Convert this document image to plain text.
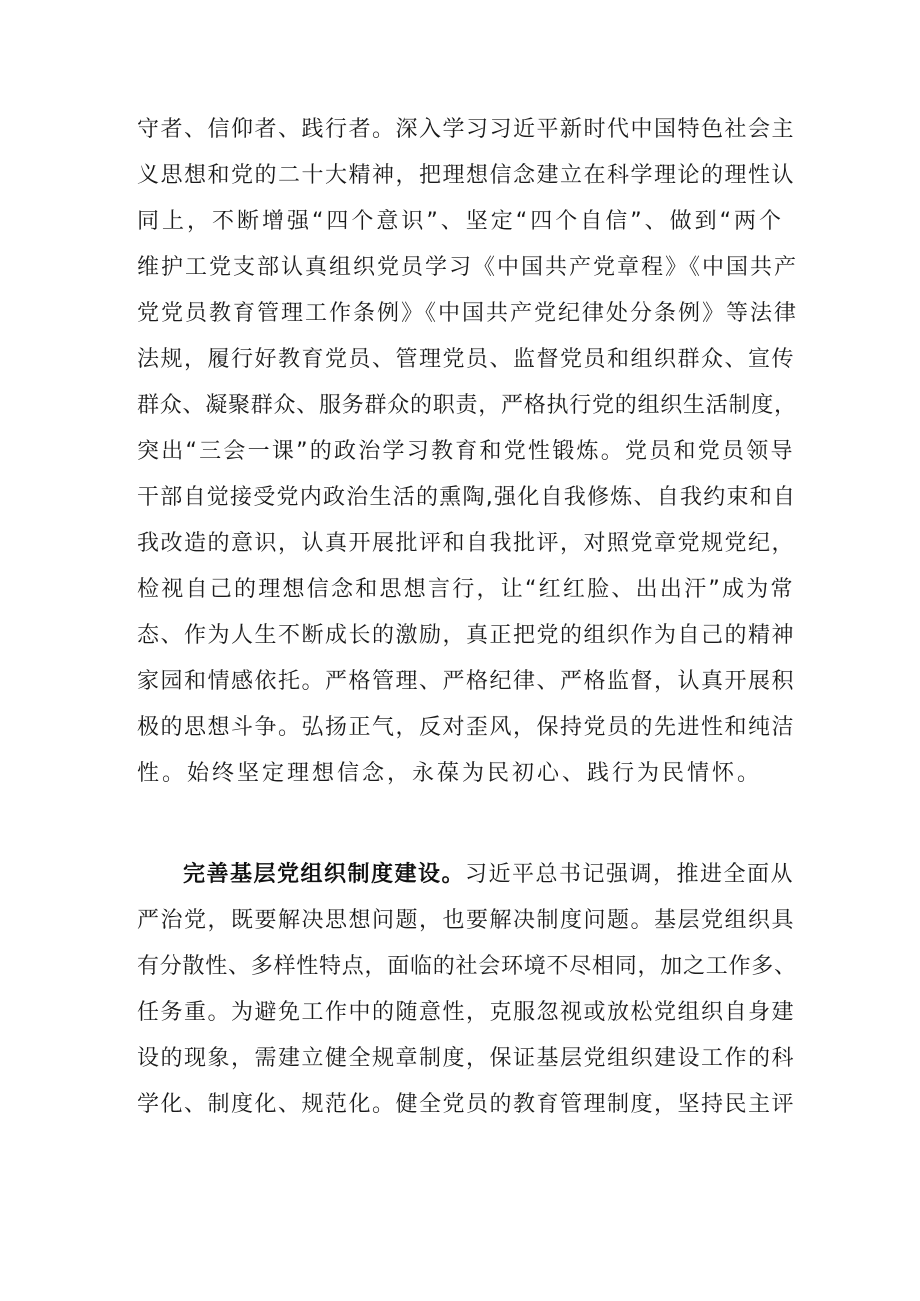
守者、信仰者、践行者。深入学习习近平新时代中国特色社会主

义思想和党的二十大精神，把理想信念建立在科学理论的理性认

同上，不断增强“四个意识”、坚定“四个自信”、做到“两个

维护工党支部认真组织党员学习《中国共产党章程》《中国共产

党党员教育管理工作条例》《中国共产党纪律处分条例》等法律

法规，履行好教育党员、管理党员、监督党员和组织群众、宣传

群众、凝聚群众、服务群众的职责，严格执行党的组织生活制度，

突出“三会一课”的政治学习教育和党性锻炼。党员和党员领导

干部自觉接受党内政治生活的熏陶,强化自我修炼、自我约束和自

我改造的意识，认真开展批评和自我批评，对照党章党规党纪，

检视自己的理想信念和思想言行，让“红红脸、出出汗”成为常

态、作为人生不断成长的激励，真正把党的组织作为自己的精神

家园和情感依托。严格管理、严格纪律、严格监督，认真开展积

极的思想斗争。弘扬正气，反对歪风，保持党员的先进性和纯洁

性。始终坚定理想信念，永葆为民初心、践行为民情怀。

完善基层党组织制度建设。习近平总书记强调，推进全面从

严治党，既要解决思想问题，也要解决制度问题。基层党组织具

有分散性、多样性特点，面临的社会环境不尽相同，加之工作多、

任务重。为避免工作中的随意性，克服忽视或放松党组织自身建

设的现象，需建立健全规章制度，保证基层党组织建设工作的科

学化、制度化、规范化。健全党员的教育管理制度，坚持民主评
